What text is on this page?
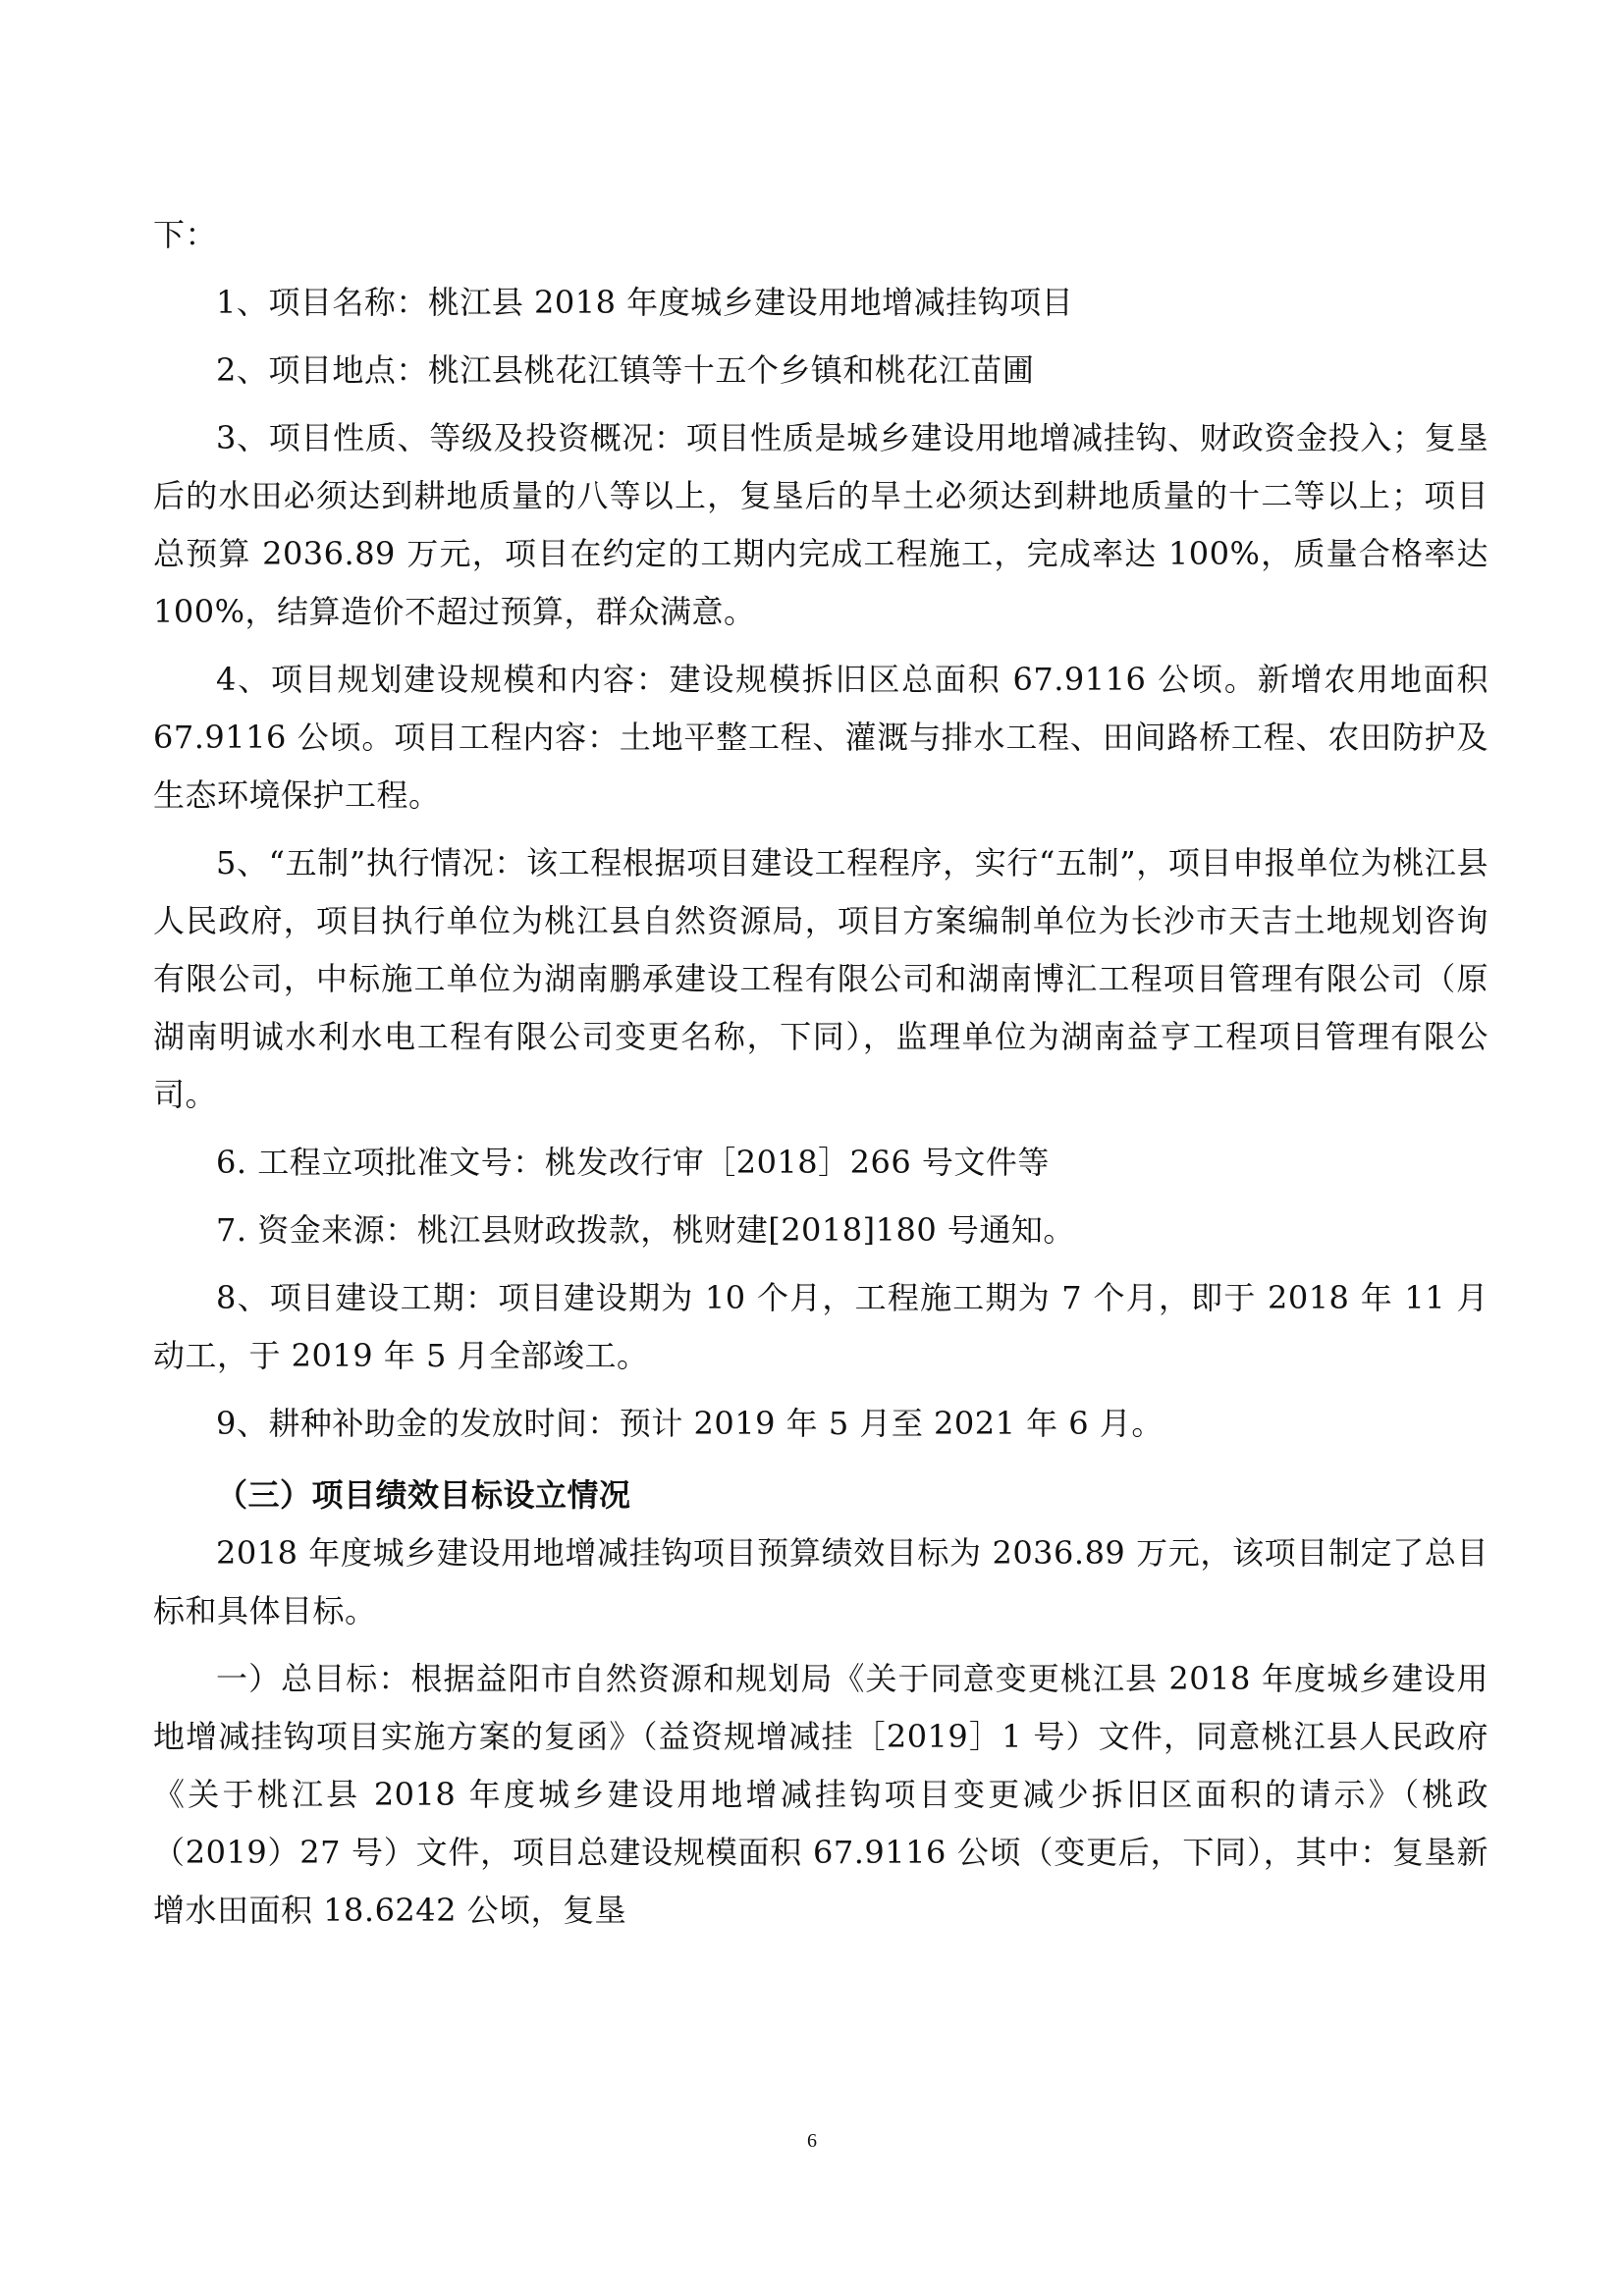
下：

1、项目名称：桃江县 2018 年度城乡建设用地增减挂钩项目

2、项目地点：桃江县桃花江镇等十五个乡镇和桃花江苗圃

3、项目性质、等级及投资概况：项目性质是城乡建设用地增减挂钩、财政资金投入；复垦后的水田必须达到耕地质量的八等以上，复垦后的旱土必须达到耕地质量的十二等以上；项目总预算 2036.89 万元，项目在约定的工期内完成工程施工，完成率达 100%，质量合格率达 100%，结算造价不超过预算，群众满意。

4、项目规划建设规模和内容：建设规模拆旧区总面积 67.9116 公顷。新增农用地面积 67.9116 公顷。项目工程内容：土地平整工程、灌溉与排水工程、田间路桥工程、农田防护及生态环境保护工程。

5、“五制”执行情况：该工程根据项目建设工程程序，实行“五制”，项目申报单位为桃江县人民政府，项目执行单位为桃江县自然资源局，项目方案编制单位为长沙市天吉土地规划咨询有限公司，中标施工单位为湖南鹏承建设工程有限公司和湖南博汇工程项目管理有限公司（原湖南明诚水利水电工程有限公司变更名称，下同），监理单位为湖南益亨工程项目管理有限公司。

6. 工程立项批准文号：桃发改行审［2018］266 号文件等

7. 资金来源：桃江县财政拨款，桃财建[2018]180 号通知。

8、项目建设工期：项目建设期为 10 个月，工程施工期为 7 个月，即于 2018 年 11 月动工，于 2019 年 5 月全部竣工。

9、耕种补助金的发放时间：预计 2019 年 5 月至 2021 年 6 月。

（三）项目绩效目标设立情况

2018 年度城乡建设用地增减挂钩项目预算绩效目标为 2036.89 万元，该项目制定了总目标和具体目标。

一）总目标：根据益阳市自然资源和规划局《关于同意变更桃江县 2018 年度城乡建设用地增减挂钩项目实施方案的复函》（益资规增减挂［2019］1 号）文件，同意桃江县人民政府《关于桃江县 2018 年度城乡建设用地增减挂钩项目变更减少拆旧区面积的请示》（桃政（2019）27 号）文件，项目总建设规模面积 67.9116 公顷（变更后，下同），其中：复垦新增水田面积 18.6242 公顷，复垦

6
